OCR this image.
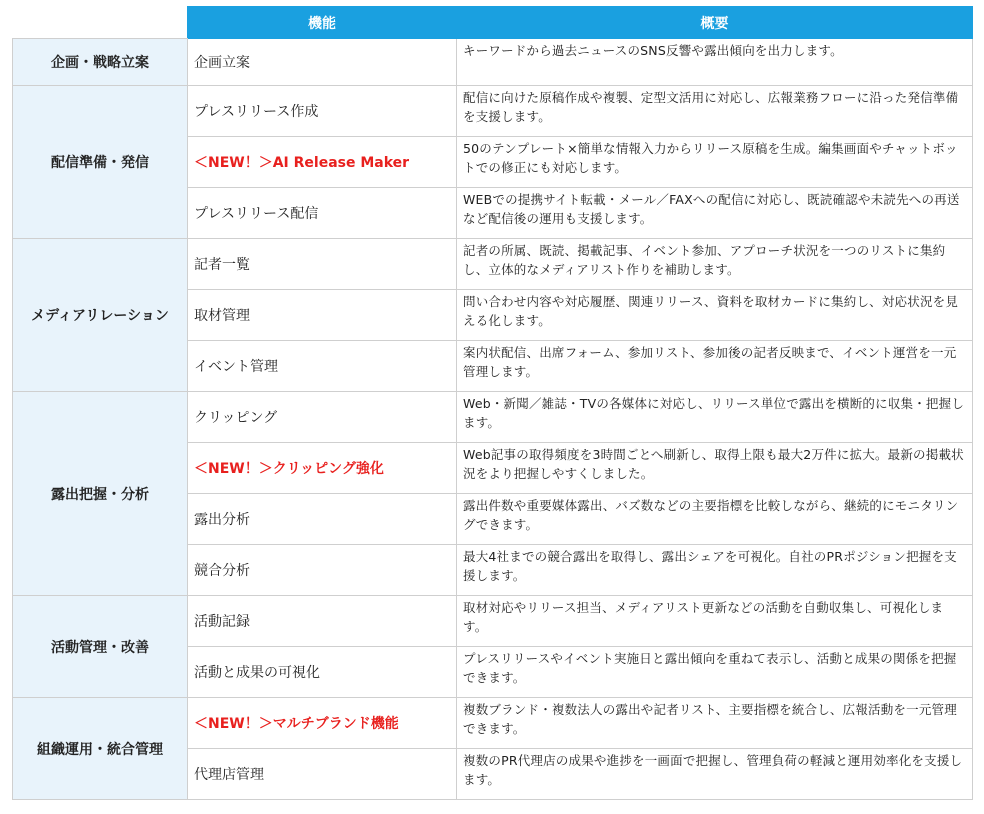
	機能	概要
企画・戦略立案	企画立案	キーワードから過去ニュースのSNS反響や露出傾向を出力します。
配信準備・発信	プレスリリース作成	配信に向けた原稿作成や複製、定型文活用に対応し、広報業務フローに沿った発信準備を支援します。
	＜NEW！＞AI Release Maker	50のテンプレート×簡単な情報入力からリリース原稿を生成。編集画面やチャットボットでの修正にも対応します。
	プレスリリース配信	WEBでの提携サイト転載・メール／FAXへの配信に対応し、既読確認や未読先への再送など配信後の運用も支援します。
メディアリレーション	記者一覧	記者の所属、既読、掲載記事、イベント参加、アプローチ状況を一つのリストに集約し、立体的なメディアリスト作りを補助します。
	取材管理	問い合わせ内容や対応履歴、関連リリース、資料を取材カードに集約し、対応状況を見える化します。
	イベント管理	案内状配信、出席フォーム、参加リスト、参加後の記者反映まで、イベント運営を一元管理します。
露出把握・分析	クリッピング	Web・新聞／雑誌・TVの各媒体に対応し、リリース単位で露出を横断的に収集・把握します。
	＜NEW！＞クリッピング強化	Web記事の取得頻度を3時間ごとへ刷新し、取得上限も最大2万件に拡大。最新の掲載状況をより把握しやすくしました。
	露出分析	露出件数や重要媒体露出、バズ数などの主要指標を比較しながら、継続的にモニタリングできます。
	競合分析	最大4社までの競合露出を取得し、露出シェアを可視化。自社のPRポジション把握を支援します。
活動管理・改善	活動記録	取材対応やリリース担当、メディアリスト更新などの活動を自動収集し、可視化します。
	活動と成果の可視化	プレスリリースやイベント実施日と露出傾向を重ねて表示し、活動と成果の関係を把握できます。
組織運用・統合管理	＜NEW！＞マルチブランド機能	複数ブランド・複数法人の露出や記者リスト、主要指標を統合し、広報活動を一元管理できます。
	代理店管理	複数のPR代理店の成果や進捗を一画面で把握し、管理負荷の軽減と運用効率化を支援します。
